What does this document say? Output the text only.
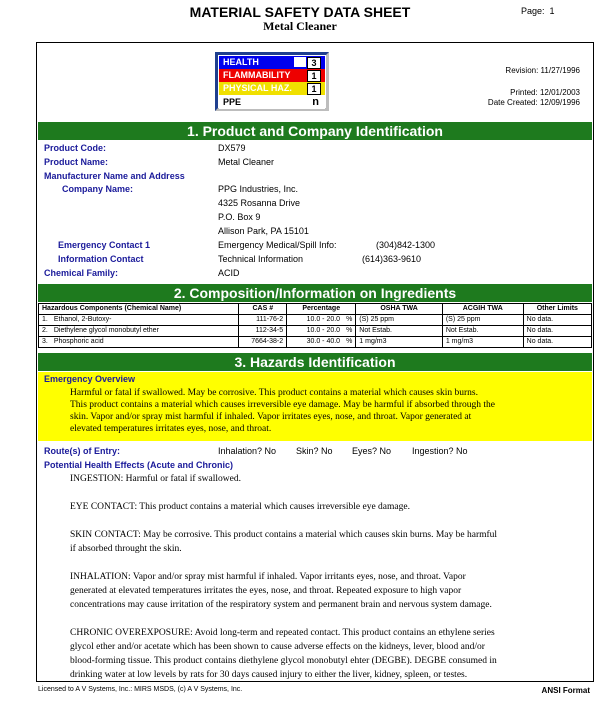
MATERIAL SAFETY DATA SHEET
Metal Cleaner
Page: 1
HEALTH	3
FLAMMABILITY	1
PHYSICAL HAZ.	1
PPE	n
Revision: 11/27/1996
Printed: 12/01/2003
Date Created: 12/09/1996
1. Product and Company Identification
Product Code:	DX579
Product Name:	Metal Cleaner
Manufacturer Name and Address
Company Name:	PPG Industries, Inc.
4325 Rosanna Drive
P.O. Box 9
Allison Park, PA 15101
Emergency Contact 1	Emergency Medical/Spill Info:	(304)842-1300
Information Contact	Technical Information	(614)363-9610
Chemical Family:	ACID
2. Composition/Information on Ingredients
Hazardous Components (Chemical Name)		CAS #	Percentage		OSHA TWA	ACGIH TWA	Other Limits
1.	Ethanol, 2-Butoxy-	111-76-2	10.0 - 20.0	%	(S) 25 ppm	(S) 25 ppm	No data.
2.	Diethylene glycol monobutyl ether	112-34-5	10.0 - 20.0	%	Not Estab.	Not Estab.	No data.
3.	Phosphoric acid	7664-38-2	30.0 - 40.0	%	1 mg/m3	1 mg/m3	No data.
3. Hazards Identification
Emergency Overview
Harmful or fatal if swallowed. May be corrosive. This product contains a material which causes skin burns.
This product contains a material which causes irreversible eye damage. May be harmful if absorbed through the
skin. Vapor and/or spray mist harmful if inhaled. Vapor irritates eyes, nose, and throat. Vapor generated at
elevated temperatures irritates eyes, nose, and throat.
Route(s) of Entry:	Inhalation? No Skin? No Eyes? No Ingestion? No
Potential Health Effects (Acute and Chronic)
INGESTION: Harmful or fatal if swallowed.
EYE CONTACT: This product contains a material which causes irreversible eye damage.
SKIN CONTACT: May be corrosive. This product contains a material which causes skin burns. May be harmful
if absorbed throught the skin.
INHALATION: Vapor and/or spray mist harmful if inhaled. Vapor irritants eyes, nose, and throat. Vapor
generated at elevated temperatures irritates the eyes, nose, and throat. Repeated exposure to high vapor
concentrations may cause irritation of the respiratory system and permanent brain and nervous system damage.
CHRONIC OVEREXPOSURE: Avoid long-term and repeated contact. This product contains an ethylene series
glycol ether and/or acetate which has been shown to cause adverse effects on the kidneys, lever, blood and/or
blood-forming tissue. This product contains diethylene glycol monobutyl ehter (DEGBE). DEGBE consumed in
drinking water at low levels by rats for 30 days caused injury to either the liver, kidney, spleen, or testes.
Licensed to A V Systems, Inc.: MIRS MSDS, (c) A V Systems, Inc.	ANSI Format
